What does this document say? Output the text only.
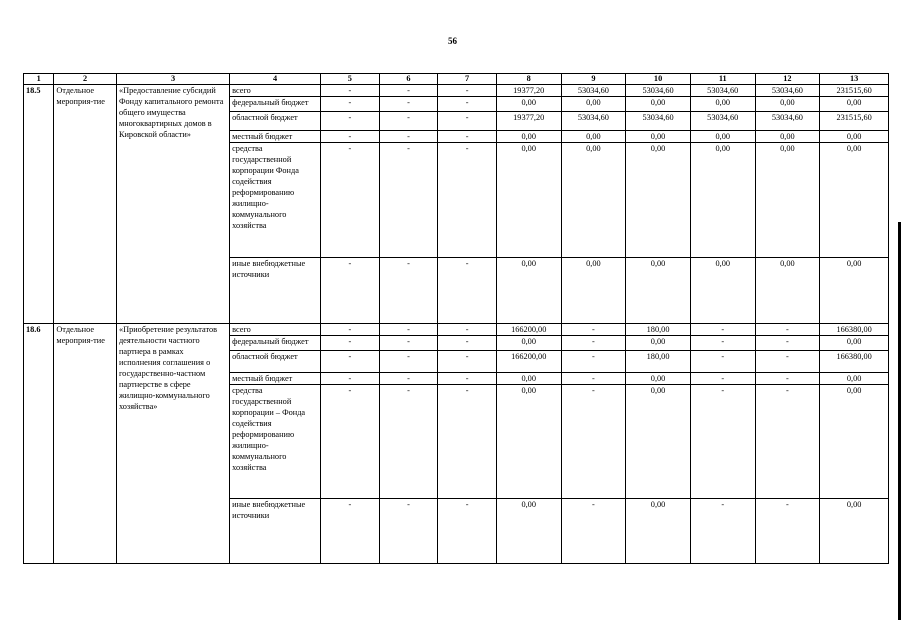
56
1	2	3	4	5	6	7	8	9	10	11	12	13
18.5	Отдельное мероприя-тие	«Предоставление субсидий Фонду капитального ремонта общего имущества многоквартирных домов в Кировской области»	всего	-	-	-	19377,20	53034,60	53034,60	53034,60	53034,60	231515,60
			федеральный бюджет	-	-	-	0,00	0,00	0,00	0,00	0,00	0,00
			областной бюджет	-	-	-	19377,20	53034,60	53034,60	53034,60	53034,60	231515,60
			местный бюджет	-	-	-	0,00	0,00	0,00	0,00	0,00	0,00
			средства государственной корпорации Фонда содействия реформированию жилищно-коммунального хозяйства	-	-	-	0,00	0,00	0,00	0,00	0,00	0,00
			иные внебюджетные источники	-	-	-	0,00	0,00	0,00	0,00	0,00	0,00
18.6	Отдельное мероприя-тие	«Приобретение результатов деятельности частного партнера в рамках исполнения соглашения о государственно-частном партнерстве в сфере жилищно-коммунального хозяйства»	всего	-	-	-	166200,00	-	180,00	-	-	166380,00
			федеральный бюджет	-	-	-	0,00	-	0,00	-	-	0,00
			областной бюджет	-	-	-	166200,00	-	180,00	-	-	166380,00
			местный бюджет	-	-	-	0,00	-	0,00	-	-	0,00
			средства государственной корпорации – Фонда содействия реформированию жилищно-коммунального хозяйства	-	-	-	0,00	-	0,00	-	-	0,00
			иные внебюджетные источники	-	-	-	0,00	-	0,00	-	-	0,00
